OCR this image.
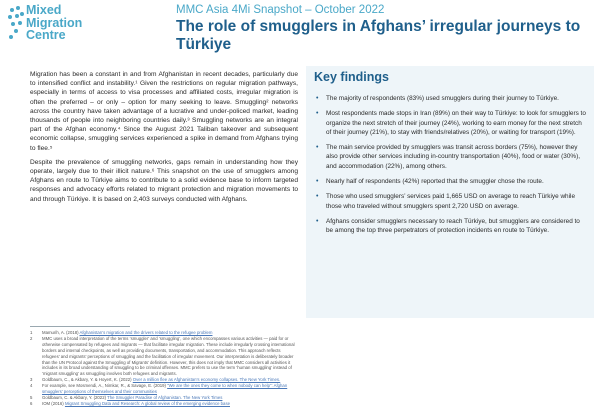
Mixed
Migration
Centre
MMC Asia 4Mi Snapshot – October 2022
The role of smugglers in Afghans’ irregular journeys to Türkiye

Migration has been a constant in and from Afghanistan in recent decades, particularly due to intensified conflict and instability.¹ Given the restrictions on regular migration pathways, especially in terms of access to visa processes and affiliated costs, irregular migration is often the preferred – or only – option for many seeking to leave. Smuggling² networks across the country have taken advantage of a lucrative and under-policed market, leading thousands of people into neighboring countries daily.³ Smuggling networks are an integral part of the Afghan economy.⁴ Since the August 2021 Taliban takeover and subsequent economic collapse, smuggling services experienced a spike in demand from Afghans trying to flee.⁵

Despite the prevalence of smuggling networks, gaps remain in understanding how they operate, largely due to their illicit nature.⁶ This snapshot on the use of smugglers among Afghans en route to Türkiye aims to contribute to a solid evidence base to inform targeted responses and advocacy efforts related to migrant protection and migration movements to and through Türkiye. It is based on 2,403 surveys conducted with Afghans.

Key findings
• The majority of respondents (83%) used smugglers during their journey to Türkiye.
• Most respondents made stops in Iran (89%) on their way to Türkiye: to look for smugglers to organize the next stretch of their journey (24%), working to earn money for the next stretch of their journey (21%), to stay with friends/relatives (20%), or waiting for transport (19%).
• The main service provided by smugglers was transit across borders (75%), however they also provide other services including in-country transportation (40%), food or water (30%), and accommodation (22%), among others.
• Nearly half of respondents (42%) reported that the smuggler chose the route.
• Those who used smugglers’ services paid 1,665 USD on average to reach Türkiye while those who traveled without smugglers spent 2,720 USD on average.
• Afghans consider smugglers necessary to reach Türkiye, but smugglers are considered to be among the top three perpetrators of protection incidents en route to Türkiye.
1 Mamurih, A. (2018) Afghanistan’s migration and the drivers related to the refugee problem
2 MMC uses a broad interpretation of the terms ‘smuggler’ and ‘smuggling’, one which encompasses various activities — paid for or otherwise compensated by refugees and migrants — that facilitate irregular migration. These include irregularly crossing international borders and internal checkpoints, as well as providing documents, transportation, and accommodation. This approach reflects refugees’ and migrants’ perceptions of smuggling and the facilitation of irregular movement. Our interpretation is deliberately broader than the UN Protocol against the Smuggling of Migrants’ definition. However, this does not imply that MMC considers all activities it includes in its broad understanding of smuggling to be criminal offenses. MMC prefers to use the term ‘human smuggling’ instead of ‘migrant smuggling’ as smuggling involves both refugees and migrants.
3 Goldbaum, C., & Akbary, Y. & Hoyert, K. (2022) Over a million flee as Afghanistan’s economy collapses. The New York Times.
4 For example, see Mosmendi, A., Nimkar, R., & Savage, E. (2019) “We are the ones they come to when nobody can help”: Afghan smugglers’ perceptions of themselves and their communities
5 Goldbaum, C. & Akbary, Y. (2022) The Smuggler Paradise of Afghanistan. The New York Times
6 IOM (2016) Migrant Smuggling Data and Research: A global review of the emerging evidence base
